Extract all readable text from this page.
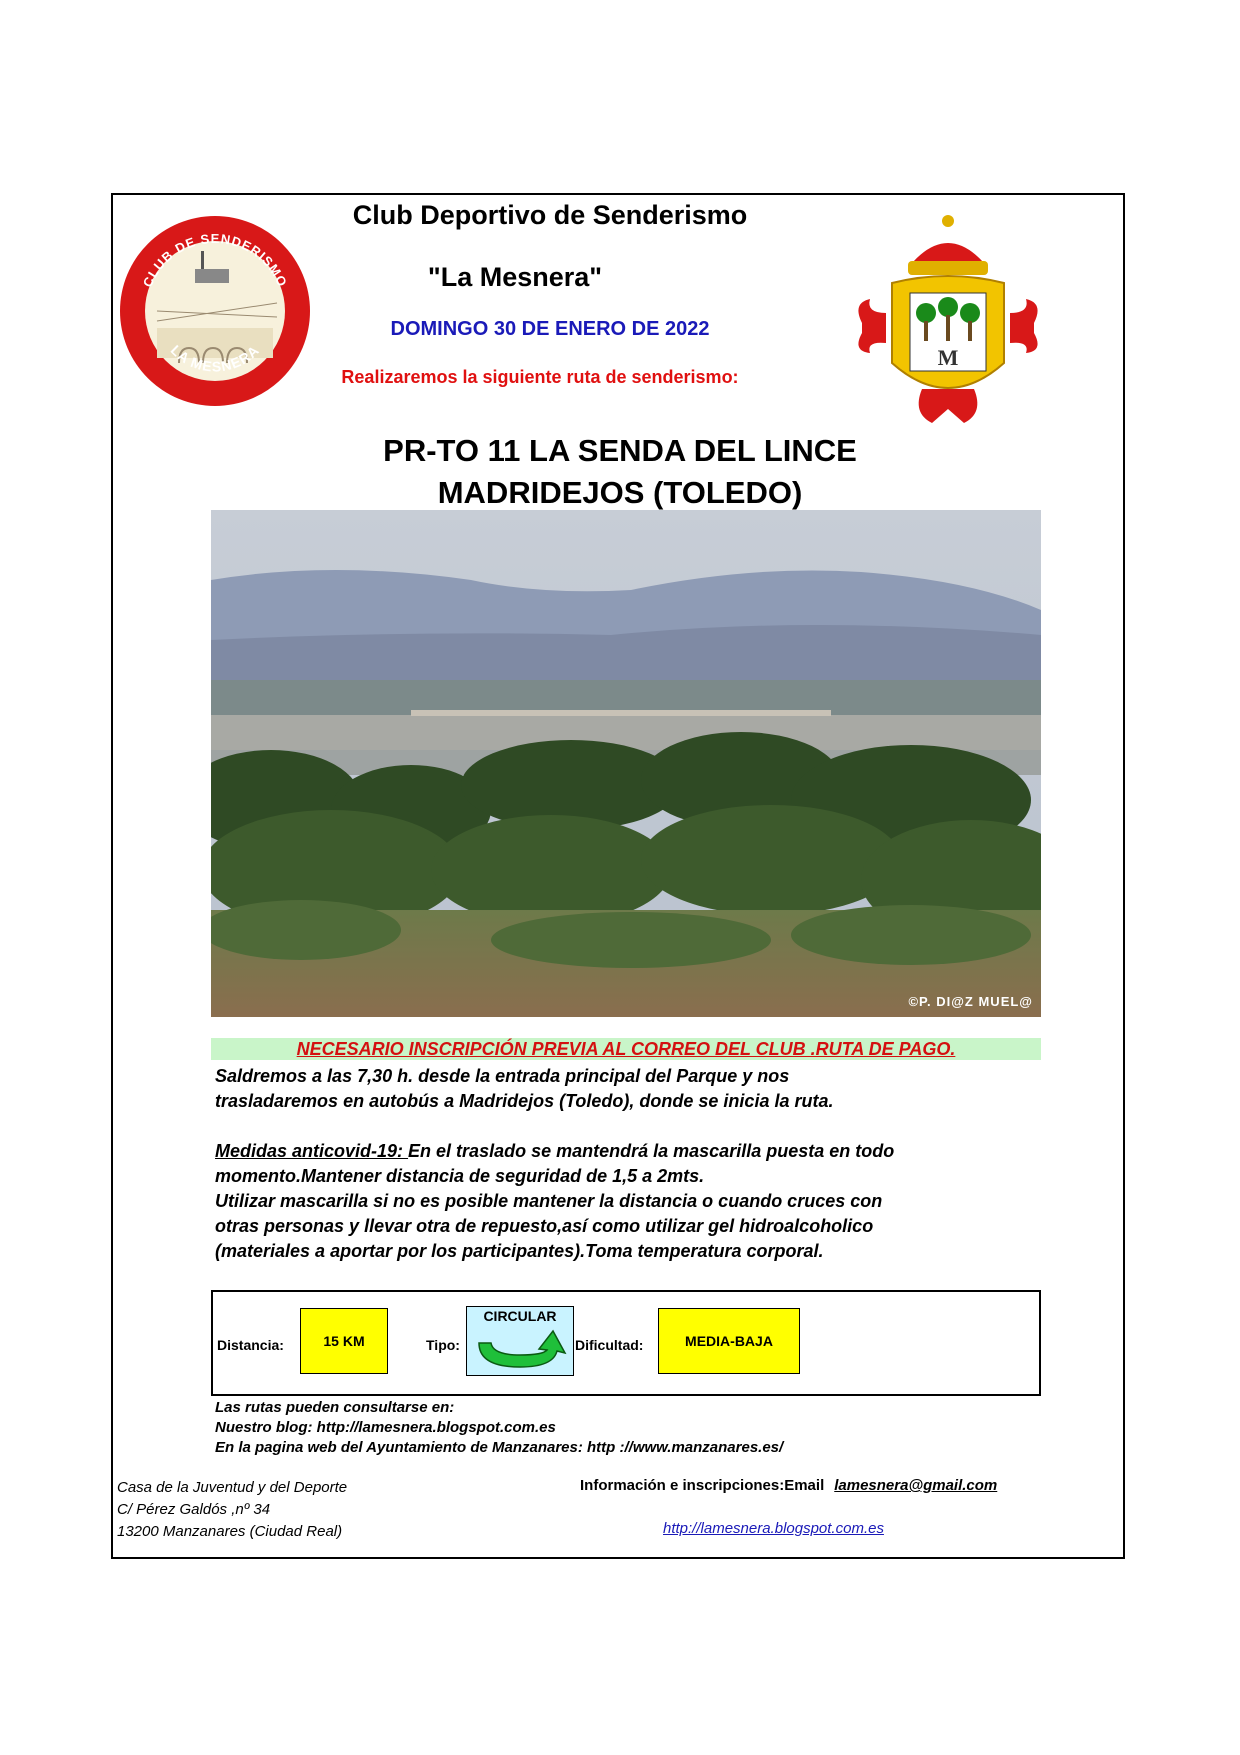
CLUB DE SENDERISMO
LA MESNERA	M
Club Deportivo de Senderismo
"La Mesnera"
DOMINGO 30 DE ENERO DE 2022
Realizaremos la siguiente ruta de senderismo:
PR-TO 11 LA SENDA DEL LINCE
MADRIDEJOS (TOLEDO)
©P. DI@Z MUEL@
NECESARIO INSCRIPCIÓN PREVIA AL CORREO DEL CLUB .RUTA DE PAGO.

Saldremos a las 7,30 h. desde la entrada principal del Parque y nos

trasladaremos en autobús a Madridejos (Toledo), donde se inicia la ruta.

Medidas anticovid-19: En el traslado se mantendrá la mascarilla puesta en todo

momento.Mantener distancia de seguridad de 1,5 a 2mts.

Utilizar mascarilla si no es posible mantener la distancia o cuando cruces con

otras personas y llevar otra de repuesto,así como utilizar gel hidroalcoholico

(materiales a aportar por los participantes).Toma temperatura corporal.

Distancia:	15 KM	Tipo:
CIRCULAR
Dificultad:	MEDIA-BAJA
Las rutas pueden consultarse en:
Nuestro blog: http://lamesnera.blogspot.com.es
En la pagina web del Ayuntamiento de Manzanares: http ://www.manzanares.es/
Casa de la Juventud y del Deporte
C/ Pérez Galdós ,nº 34
13200 Manzanares (Ciudad Real)
Información e inscripciones:Email lamesnera@gmail.com
http://lamesnera.blogspot.com.es
